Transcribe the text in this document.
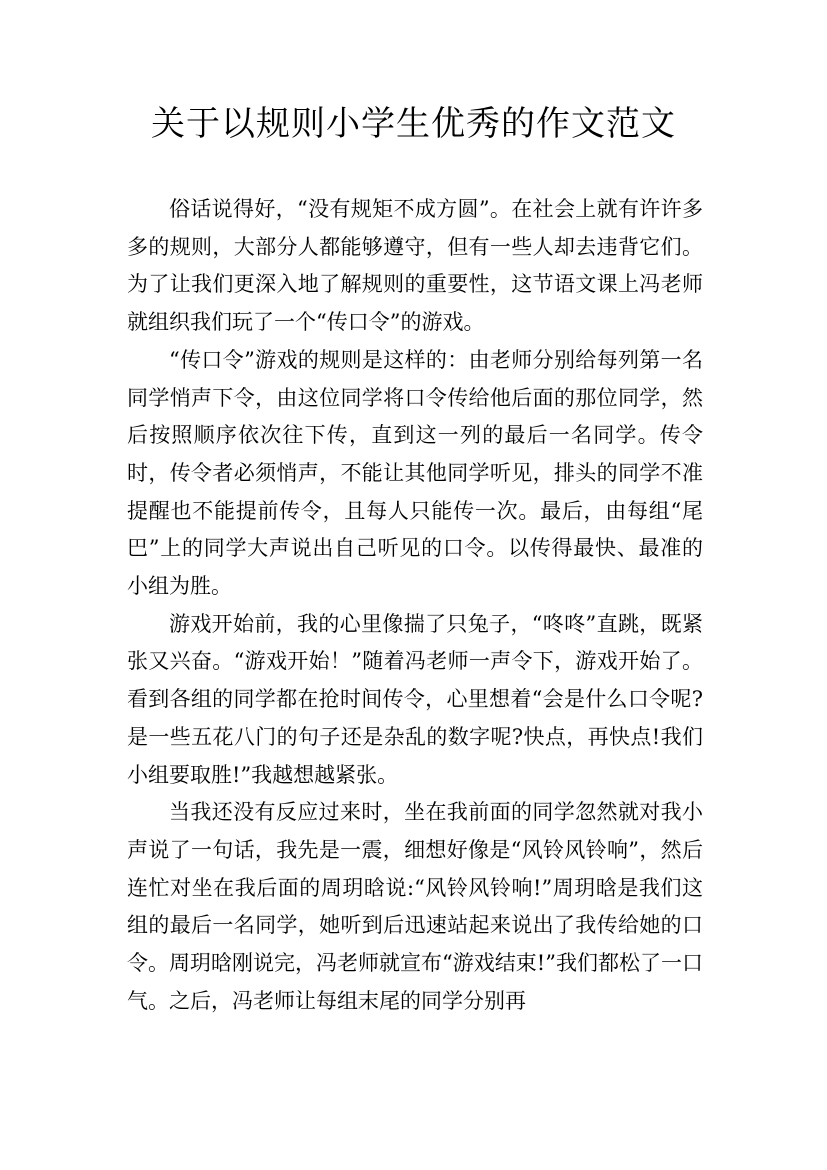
关于以规则小学生优秀的作文范文

俗话说得好，“没有规矩不成方圆”。在社会上就有许许多多的规则，大部分人都能够遵守，但有一些人却去违背它们。为了让我们更深入地了解规则的重要性，这节语文课上冯老师就组织我们玩了一个“传口令”的游戏。

“传口令”游戏的规则是这样的：由老师分别给每列第一名同学悄声下令，由这位同学将口令传给他后面的那位同学，然后按照顺序依次往下传，直到这一列的最后一名同学。传令时，传令者必须悄声，不能让其他同学听见，排头的同学不准提醒也不能提前传令，且每人只能传一次。最后，由每组“尾巴”上的同学大声说出自己听见的口令。以传得最快、最准的小组为胜。

游戏开始前，我的心里像揣了只兔子，“咚咚”直跳，既紧张又兴奋。“游戏开始！”随着冯老师一声令下，游戏开始了。看到各组的同学都在抢时间传令，心里想着“会是什么口令呢?是一些五花八门的句子还是杂乱的数字呢?快点，再快点!我们小组要取胜!”我越想越紧张。

当我还没有反应过来时，坐在我前面的同学忽然就对我小声说了一句话，我先是一震，细想好像是“风铃风铃响”，然后连忙对坐在我后面的周玥晗说:“风铃风铃响!”周玥晗是我们这组的最后一名同学，她听到后迅速站起来说出了我传给她的口令。周玥晗刚说完，冯老师就宣布“游戏结束!”我们都松了一口气。之后，冯老师让每组末尾的同学分别再
